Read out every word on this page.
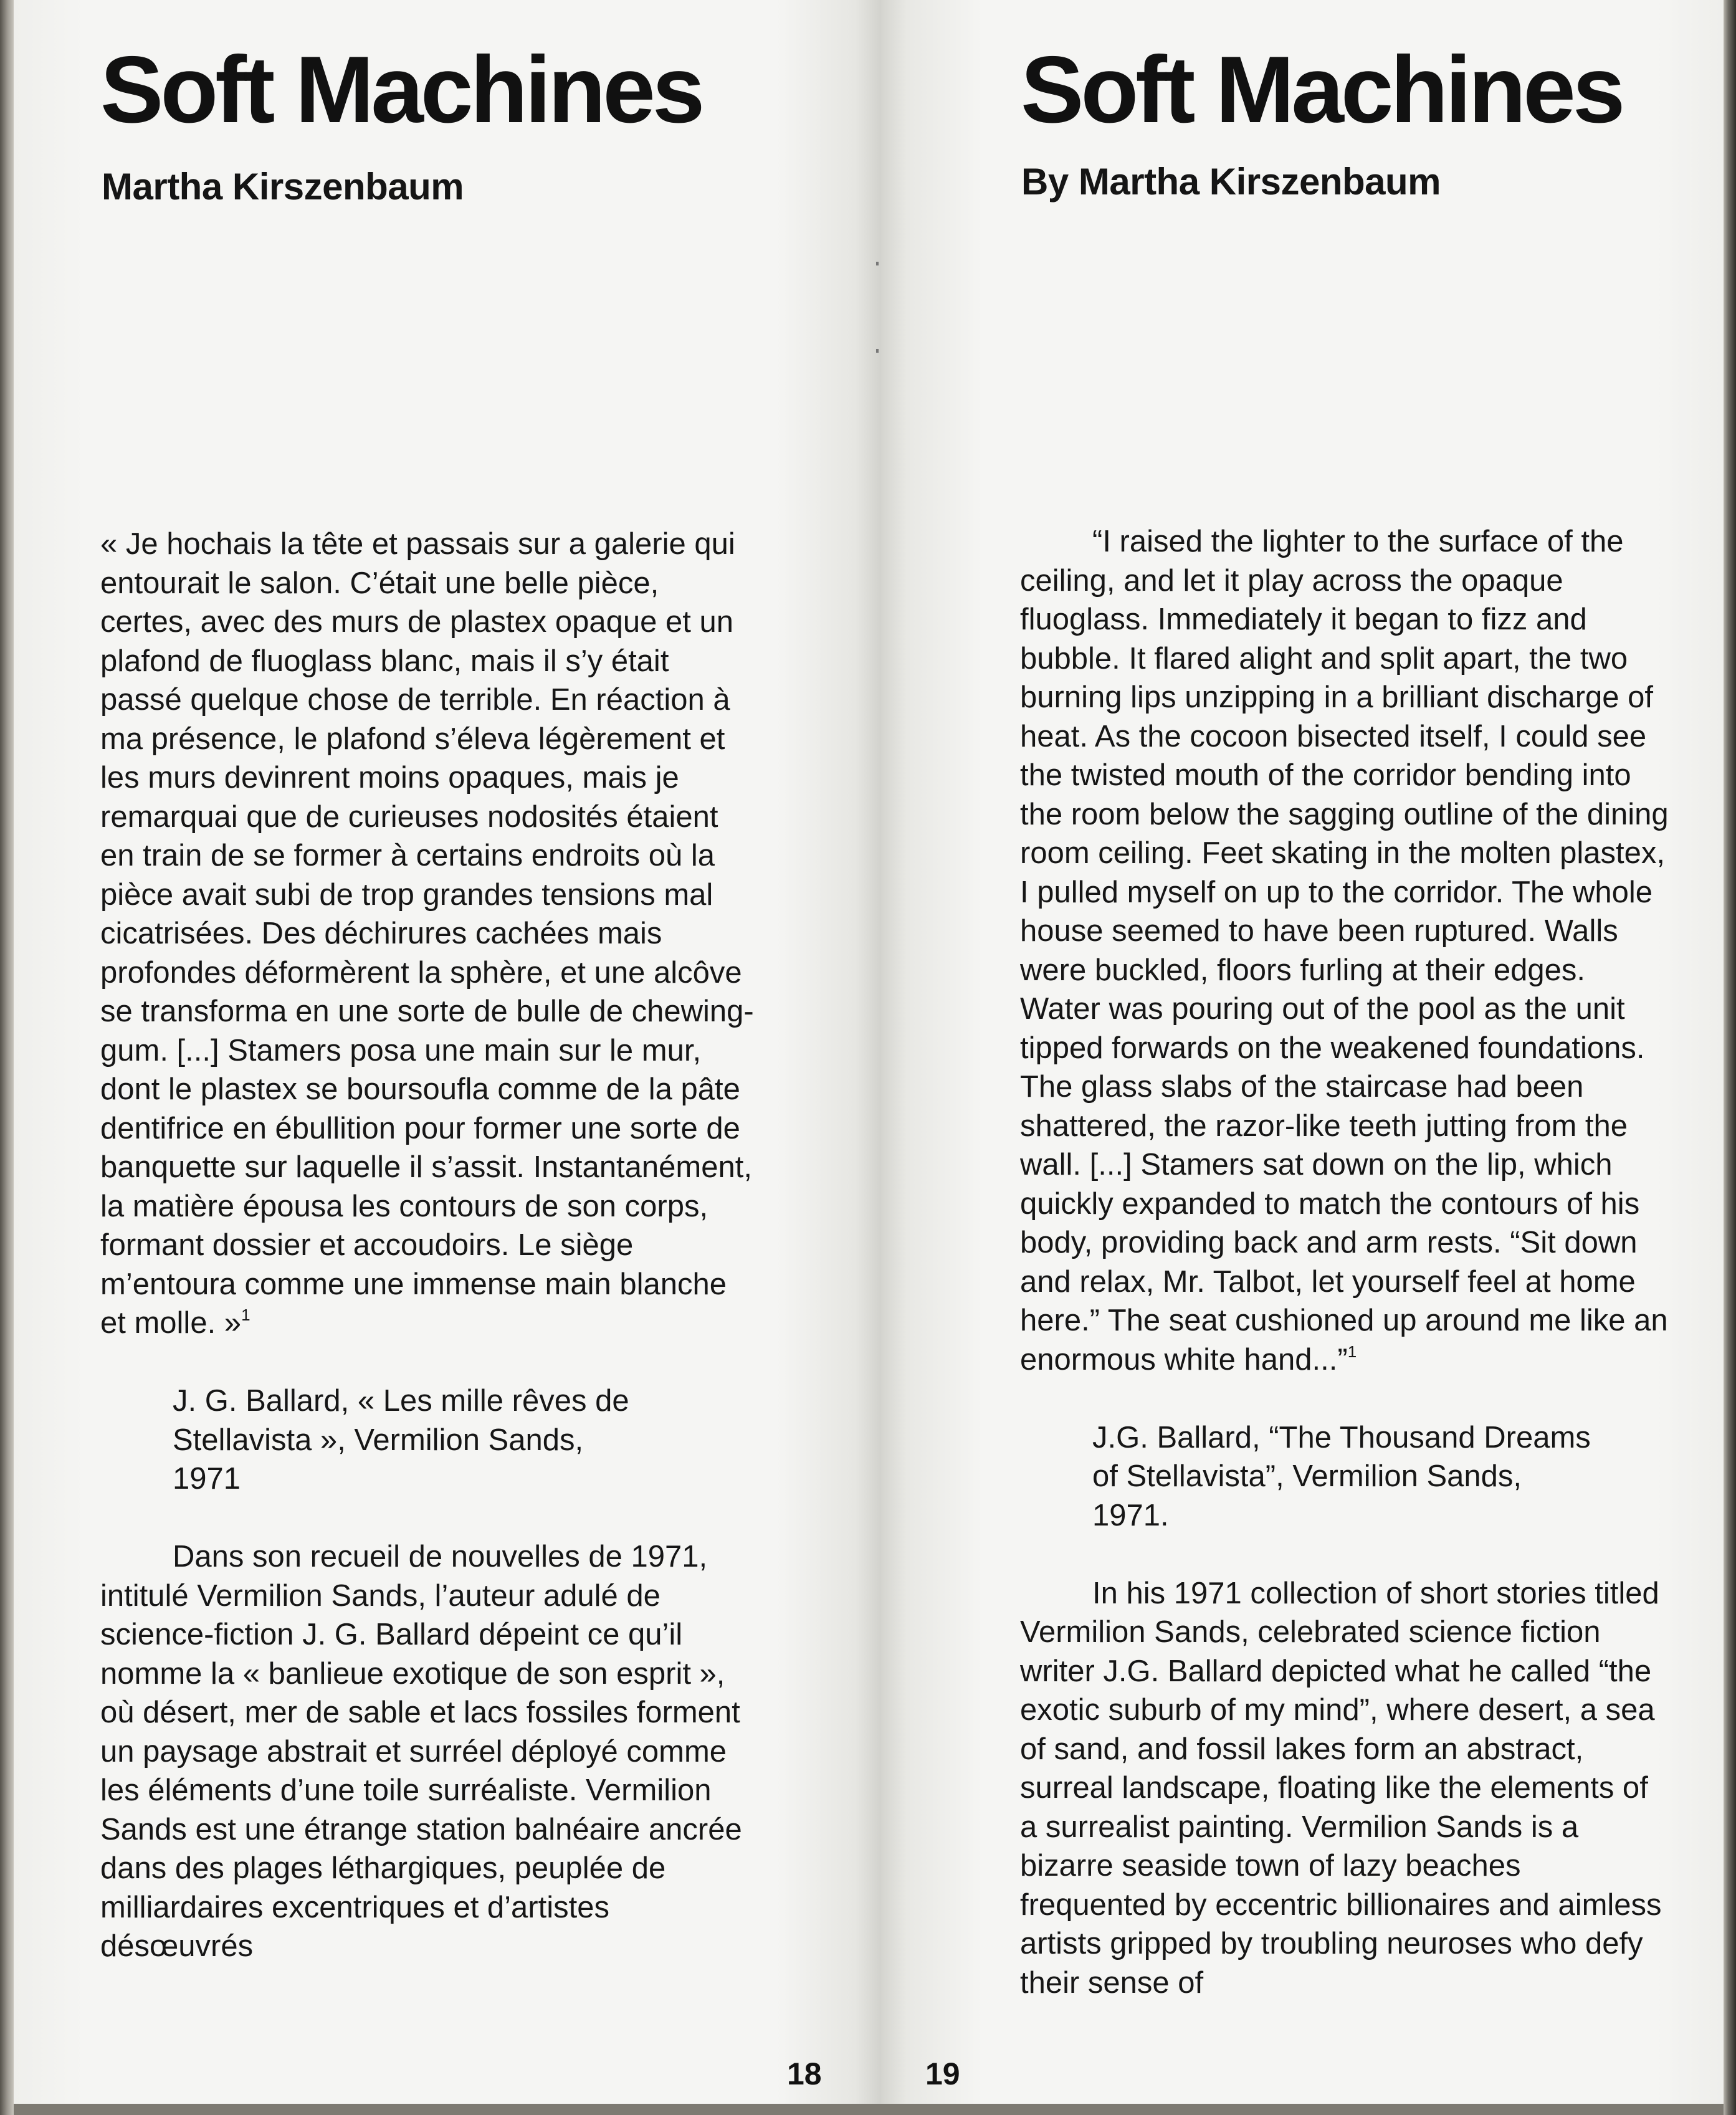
Soft Machines
Martha Kirszenbaum

« Je hochais la tête et passais sur a galerie qui entourait le salon. C’était une belle pièce, certes, avec des murs de plastex opaque et un plafond de fluoglass blanc, mais il s’y était passé quelque chose de terrible. En réaction à ma présence, le plafond s’éleva légèrement et les murs devinrent moins opaques, mais je remarquai que de curieuses nodosités étaient en train de se former à certains endroits où la pièce avait subi de trop grandes tensions mal cicatrisées. Des déchirures cachées mais profondes déformèrent la sphère, et une alcôve se transforma en une sorte de bulle de chewing-gum. [...] Stamers posa une main sur le mur, dont le plastex se boursoufla comme de la pâte dentifrice en ébullition pour former une sorte de banquette sur laquelle il s’assit. Instantanément, la matière épousa les contours de son corps, formant dossier et accoudoirs. Le siège m’entoura comme une immense main blanche et molle. »$^1$

J. G. Ballard, « Les mille rêves de Stellavista », Vermilion Sands, 1971

Dans son recueil de nouvelles de 1971, intitulé Vermilion Sands, l’auteur adulé de science-fiction J. G. Ballard dépeint ce qu’il nomme la « banlieue exotique de son esprit », où désert, mer de sable et lacs fossiles forment un paysage abstrait et surréel déployé comme les éléments d’une toile surréaliste. Vermilion Sands est une étrange station balnéaire ancrée dans des plages léthargiques, peuplée de milliardaires excentriques et d’artistes désœuvrés

18
Soft Machines
By Martha Kirszenbaum

“I raised the lighter to the surface of the ceiling, and let it play across the opaque fluoglass. Immediately it began to fizz and bubble. It flared alight and split apart, the two burning lips unzipping in a brilliant discharge of heat. As the cocoon bisected itself, I could see the twisted mouth of the corridor bending into the room below the sagging outline of the dining room ceiling. Feet skating in the molten plastex, I pulled myself on up to the corridor. The whole house seemed to have been ruptured. Walls were buckled, floors furling at their edges. Water was pouring out of the pool as the unit tipped forwards on the weakened foundations. The glass slabs of the staircase had been shattered, the razor-like teeth jutting from the wall. [...] Stamers sat down on the lip, which quickly expanded to match the contours of his body, providing back and arm rests. “Sit down and relax, Mr. Talbot, let yourself feel at home here.” The seat cushioned up around me like an enormous white hand...”$^1$

J.G. Ballard, “The Thousand Dreams of Stellavista”, Vermilion Sands, 1971.

In his 1971 collection of short stories titled Vermilion Sands, celebrated science fiction writer J.G. Ballard depicted what he called “the exotic suburb of my mind”, where desert, a sea of sand, and fossil lakes form an abstract, surreal landscape, floating like the elements of a surrealist painting. Vermilion Sands is a bizarre seaside town of lazy beaches frequented by eccentric billionaires and aimless artists gripped by troubling neuroses who defy their sense of

19
